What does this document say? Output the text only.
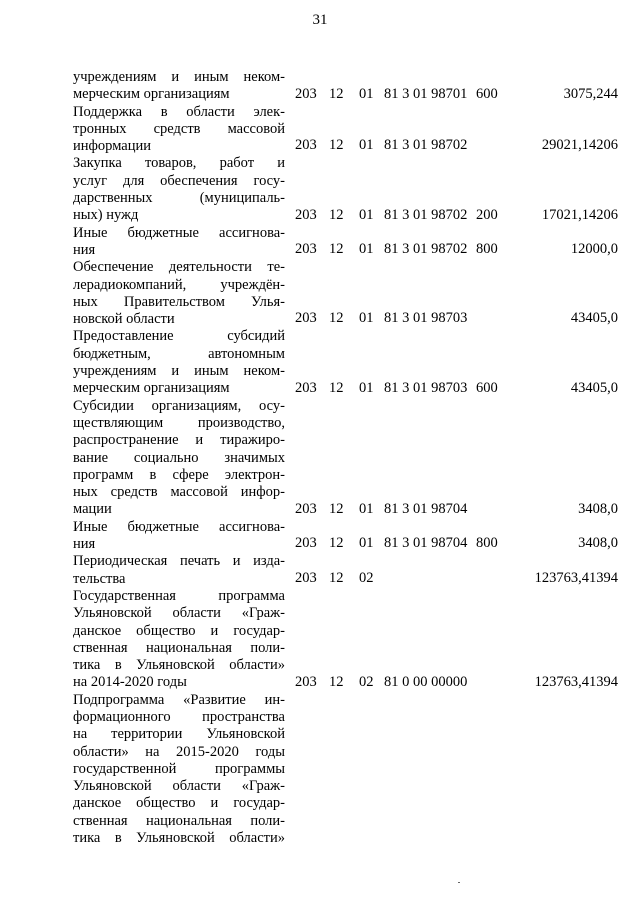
31
учреждениям и иным неком-
мерческим организациям	203 12 01 81 3 01 98701 600	3075,244
Поддержка в области элек-
тронных средств массовой
информации	203 12 01 81 3 01 98702	29021,14206
Закупка товаров, работ и
услуг для обеспечения госу-
дарственных (муниципаль-
ных) нужд	203 12 01 81 3 01 98702 200	17021,14206
Иные бюджетные ассигнова-
ния	203 12 01 81 3 01 98702 800	12000,0
Обеспечение деятельности те-
лерадиокомпаний, учреждён-
ных Правительством Улья-
новской области	203 12 01 81 3 01 98703	43405,0
Предоставление субсидий
бюджетным, автономным
учреждениям и иным неком-
мерческим организациям	203 12 01 81 3 01 98703 600	43405,0
Субсидии организациям, осу-
ществляющим производство,
распространение и тиражиро-
вание социально значимых
программ в сфере электрон-
ных средств массовой инфор-
мации	203 12 01 81 3 01 98704	3408,0
Иные бюджетные ассигнова-
ния	203 12 01 81 3 01 98704 800	3408,0
Периодическая печать и изда-
тельства	203 12 02	123763,41394
Государственная программа
Ульяновской области «Граж-
данское общество и государ-
ственная национальная поли-
тика в Ульяновской области»
на 2014-2020 годы	203 12 02 81 0 00 00000	123763,41394
Подпрограмма «Развитие ин-
формационного пространства
на территории Ульяновской
области» на 2015-2020 годы
государственной программы
Ульяновской области «Граж-
данское общество и государ-
ственная национальная поли-
тика в Ульяновской области»
